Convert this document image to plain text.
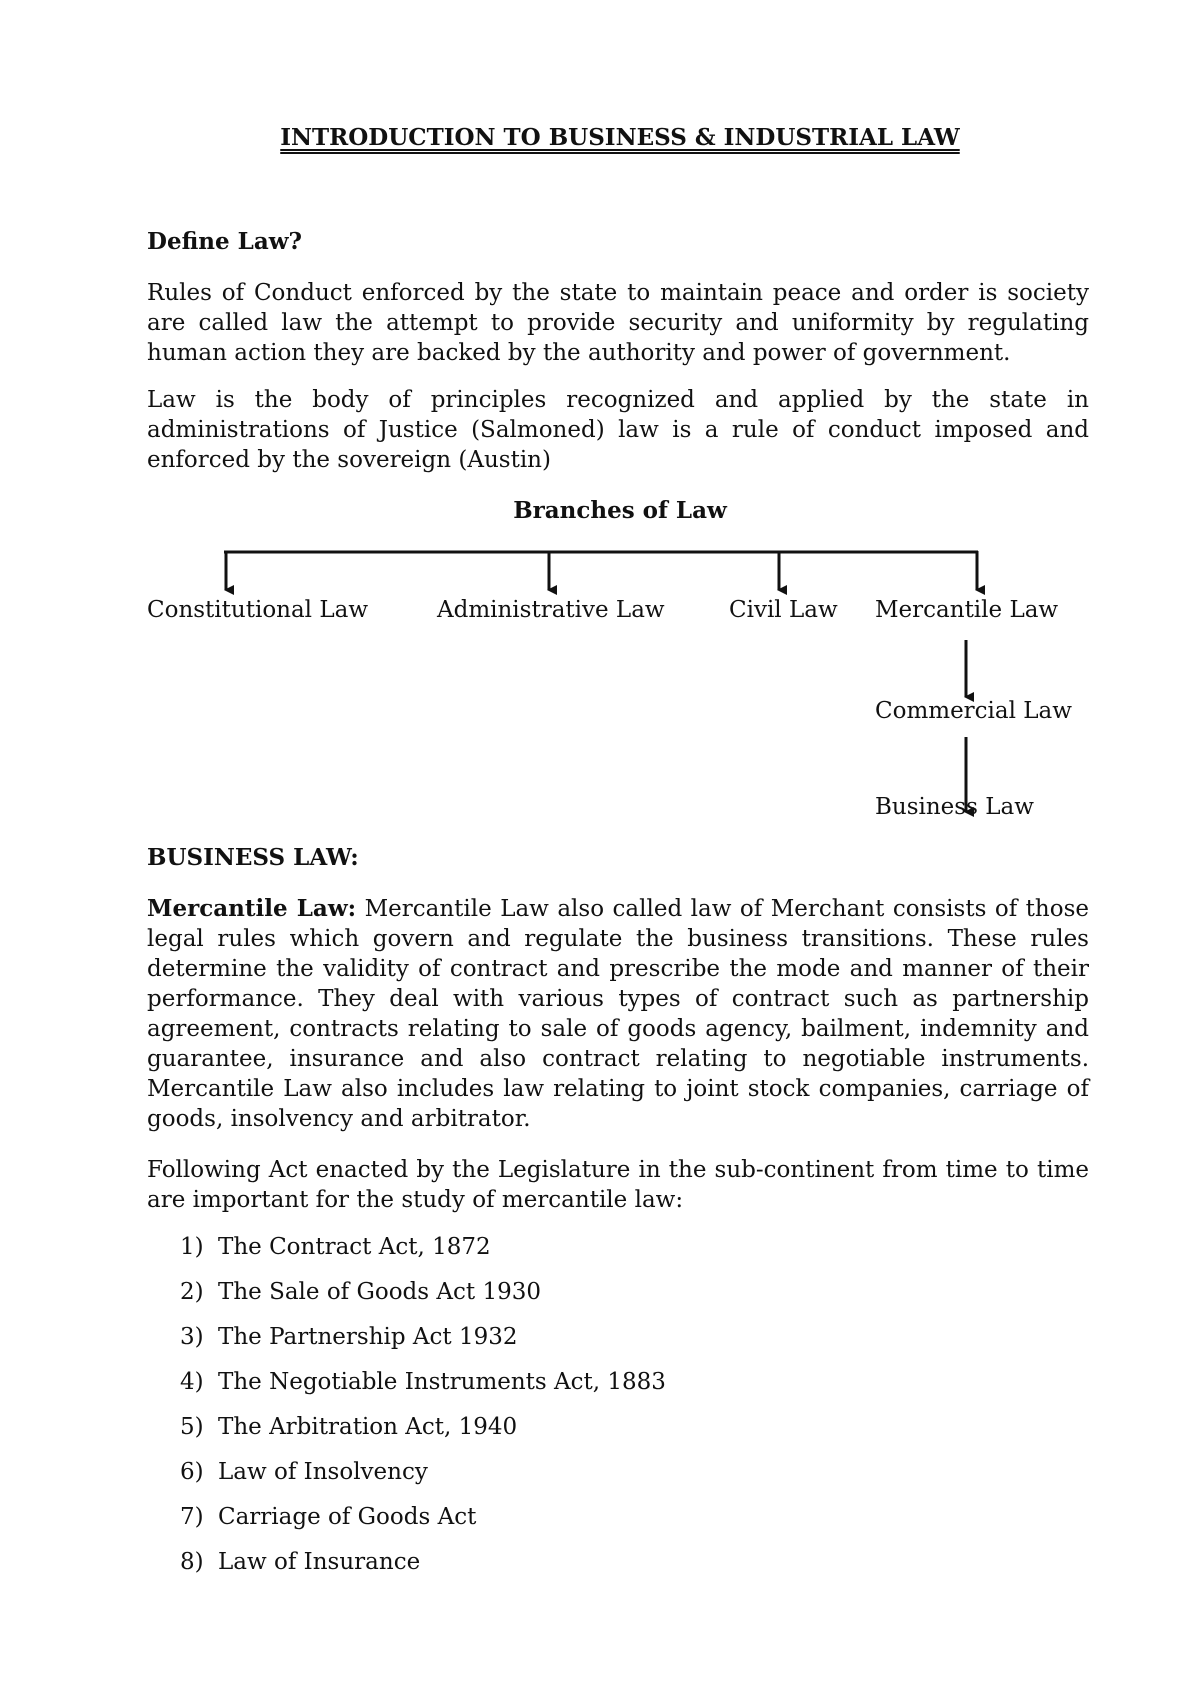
INTRODUCTION TO BUSINESS & INDUSTRIAL LAW
Define Law?
Rules of Conduct enforced by the state to maintain peace and order is society are called law the attempt to provide security and uniformity by regulating human action they are backed by the authority and power of government.
Law is the body of principles recognized and applied by the state in administrations of Justice (Salmoned) law is a rule of conduct imposed and enforced by the sovereign (Austin)
Branches of Law
Constitutional Law	Administrative Law	Civil Law Mercantile Law
Commercial Law
Business Law
BUSINESS LAW:
Mercantile Law: Mercantile Law also called law of Merchant consists of those legal rules which govern and regulate the business transitions. These rules determine the validity of contract and prescribe the mode and manner of their performance. They deal with various types of contract such as partnership agreement, contracts relating to sale of goods agency, bailment, indemnity and guarantee, insurance and also contract relating to negotiable instruments. Mercantile Law also includes law relating to joint stock companies, carriage of goods, insolvency and arbitrator.
Following Act enacted by the Legislature in the sub-continent from time to time are important for the study of mercantile law:
1) The Contract Act, 1872
2) The Sale of Goods Act 1930
3) The Partnership Act 1932
4) The Negotiable Instruments Act, 1883
5) The Arbitration Act, 1940
6) Law of Insolvency
7) Carriage of Goods Act
8) Law of Insurance
